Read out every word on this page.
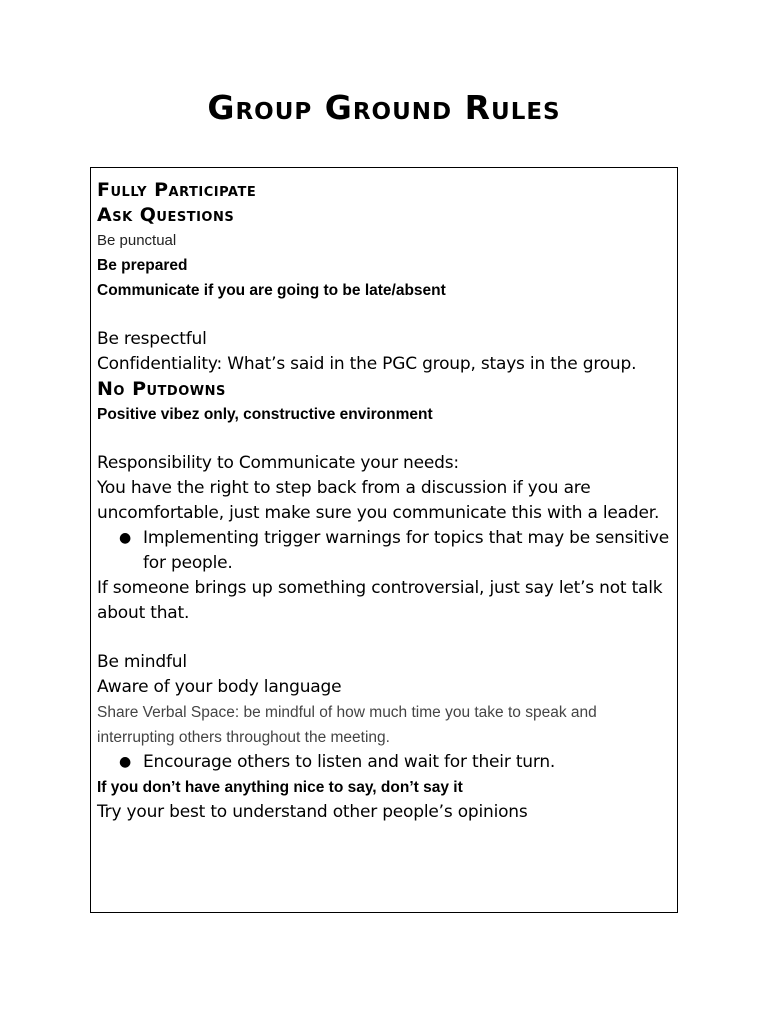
Group Ground Rules

Fully Participate

Ask Questions

Be punctual

Be prepared

Communicate if you are going to be late/absent

Be respectful

Confidentiality: What’s said in the PGC group, stays in the group.

No Putdowns

Positive vibez only, constructive environment

Responsibility to Communicate your needs:

You have the right to step back from a discussion if you are uncomfortable, just make sure you communicate this with a leader.

● Implementing trigger warnings for topics that may be sensitive for people.

If someone brings up something controversial, just say let’s not talk about that.

Be mindful

Aware of your body language

Share Verbal Space: be mindful of how much time you take to speak and interrupting others throughout the meeting.

● Encourage others to listen and wait for their turn.

If you don’t have anything nice to say, don’t say it

Try your best to understand other people’s opinions
